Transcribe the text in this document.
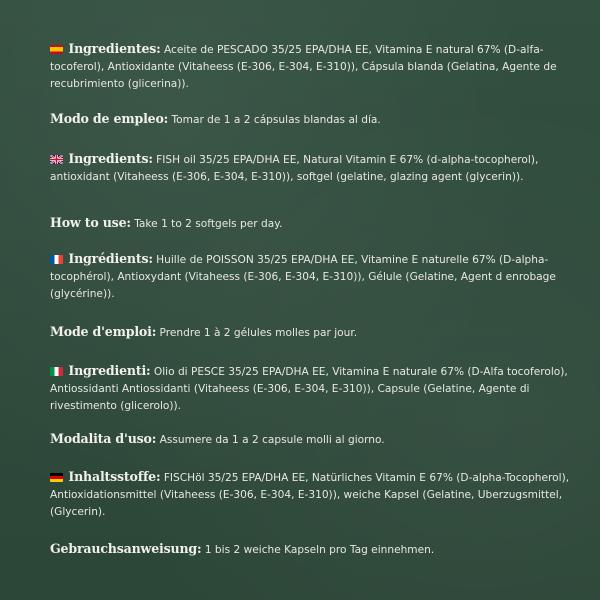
Ingredientes: Aceite de PESCADO 35/25 EPA/DHA EE, Vitamina E natural 67% (D-alfa-tocoferol), Antioxidante (Vitaheess (E-306, E-304, E-310)), Cápsula blanda (Gelatina, Agente de recubrimiento (glicerina)).

Modo de empleo: Tomar de 1 a 2 cápsulas blandas al día.

Ingredients: FISH oil 35/25 EPA/DHA EE, Natural Vitamin E 67% (d-alpha-tocopherol), antioxidant (Vitaheess (E-306, E-304, E-310)), softgel (gelatine, glazing agent (glycerin)).

How to use: Take 1 to 2 softgels per day.

Ingrédients: Huille de POISSON 35/25 EPA/DHA EE, Vitamine E naturelle 67% (D-alpha-tocophérol), Antioxydant (Vitaheess (E-306, E-304, E-310)), Gélule (Gelatine, Agent d enrobage (glycérine)).

Mode d'emploi: Prendre 1 à 2 gélules molles par jour.

Ingredienti: Olio di PESCE 35/25 EPA/DHA EE, Vitamina E naturale 67% (D-Alfa tocoferolo), Antiossidanti Antiossidanti (Vitaheess (E-306, E-304, E-310)), Capsule (Gelatine, Agente di rivestimento (glicerolo)).

Modalita d'uso: Assumere da 1 a 2 capsule molli al giorno.

Inhaltsstoffe: FISCHöl 35/25 EPA/DHA EE, Natürliches Vitamin E 67% (D-alpha-Tocopherol), Antioxidationsmittel (Vitaheess (E-306, E-304, E-310)), weiche Kapsel (Gelatine, Uberzugsmittel, (Glycerin).

Gebrauchsanweisung: 1 bis 2 weiche Kapseln pro Tag einnehmen.
